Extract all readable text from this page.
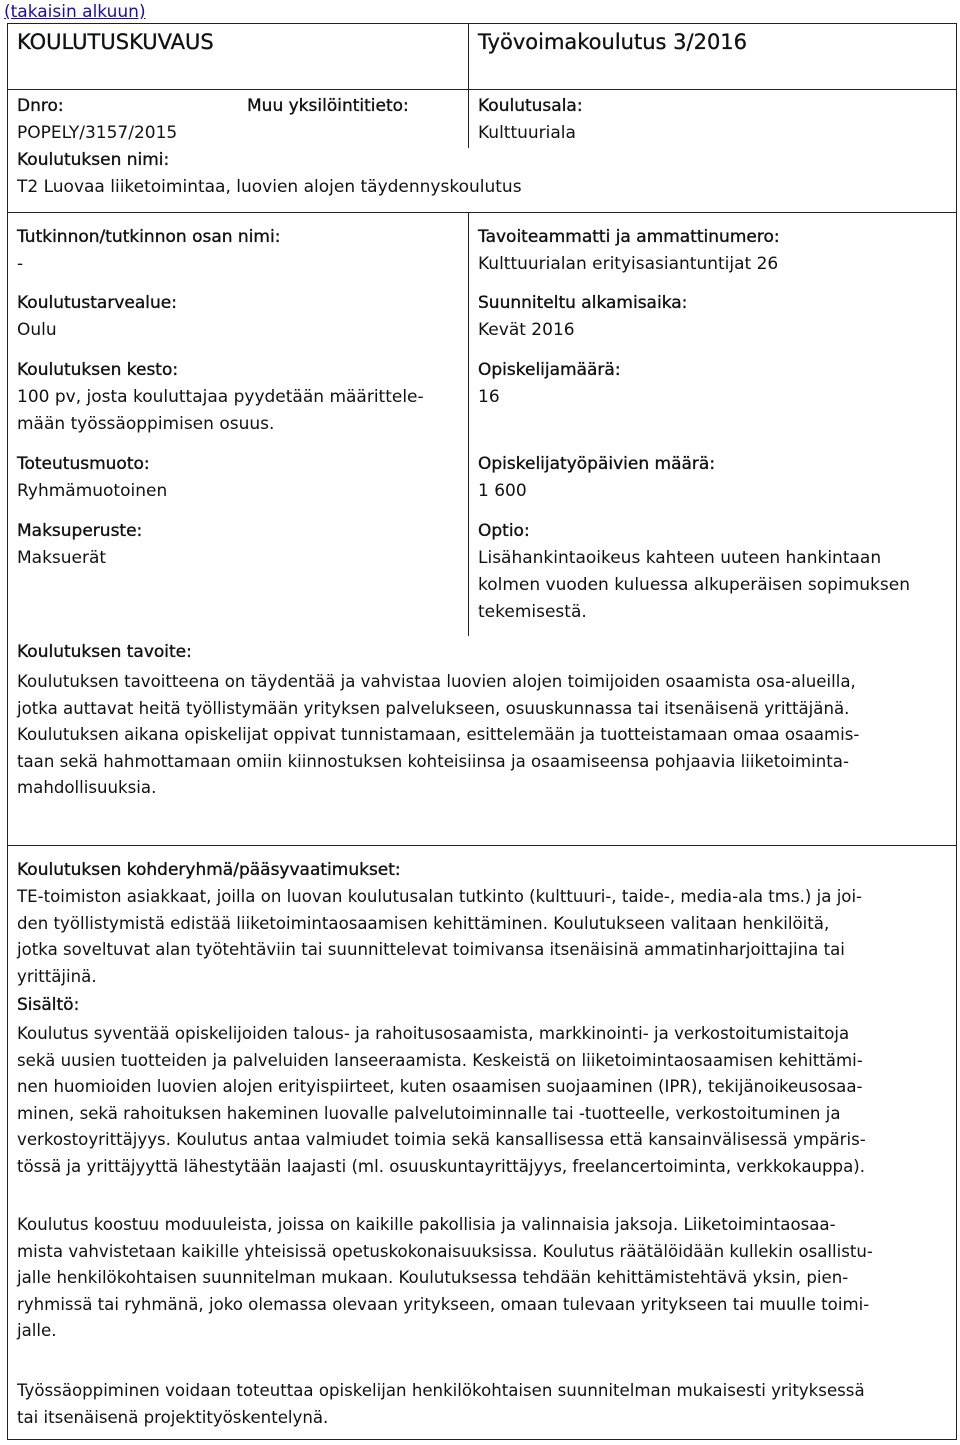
(takaisin alkuun)
KOULUTUSKUVAUS	Työvoimakoulutus 3/2016
Dnro:
POPELY/3157/2015
Muu yksilöintitieto:	Koulutusala:
Kulttuuriala
Koulutuksen nimi:
T2 Luovaa liiketoimintaa, luovien alojen täydennyskoulutus
Tutkinnon/tutkinnon osan nimi:
-
Koulutustarvealue:
Oulu
Koulutuksen kesto:
100 pv, josta kouluttajaa pyydetään määrittele-
mään työssäoppimisen osuus.
Toteutusmuoto:
Ryhmämuotoinen
Maksuperuste:
Maksuerät
Tavoiteammatti ja ammattinumero:
Kulttuurialan erityisasiantuntijat 26
Suunniteltu alkamisaika:
Kevät 2016
Opiskelijamäärä:
16
Opiskelijatyöpäivien määrä:
1 600
Optio:
Lisähankintaoikeus kahteen uuteen hankintaan
kolmen vuoden kuluessa alkuperäisen sopimuksen
tekemisestä.
Koulutuksen tavoite:
Koulutuksen tavoitteena on täydentää ja vahvistaa luovien alojen toimijoiden osaamista osa-alueilla,
jotka auttavat heitä työllistymään yrityksen palvelukseen, osuuskunnassa tai itsenäisenä yrittäjänä.
Koulutuksen aikana opiskelijat oppivat tunnistamaan, esittelemään ja tuotteistamaan omaa osaamis-
taan sekä hahmottamaan omiin kiinnostuksen kohteisiinsa ja osaamiseensa pohjaavia liiketoiminta-
mahdollisuuksia.
Koulutuksen kohderyhmä/pääsyvaatimukset:
TE-toimiston asiakkaat, joilla on luovan koulutusalan tutkinto (kulttuuri-, taide-, media-ala tms.) ja joi-
den työllistymistä edistää liiketoimintaosaamisen kehittäminen. Koulutukseen valitaan henkilöitä,
jotka soveltuvat alan työtehtäviin tai suunnittelevat toimivansa itsenäisinä ammatinharjoittajina tai
yrittäjinä.
Sisältö:
Koulutus syventää opiskelijoiden talous- ja rahoitusosaamista, markkinointi- ja verkostoitumistaitoja
sekä uusien tuotteiden ja palveluiden lanseeraamista. Keskeistä on liiketoimintaosaamisen kehittämi-
nen huomioiden luovien alojen erityispiirteet, kuten osaamisen suojaaminen (IPR), tekijänoikeusosaa-
minen, sekä rahoituksen hakeminen luovalle palvelutoiminnalle tai -tuotteelle, verkostoituminen ja
verkostoyrittäjyys. Koulutus antaa valmiudet toimia sekä kansallisessa että kansainvälisessä ympäris-
tössä ja yrittäjyyttä lähestytään laajasti (ml. osuuskuntayrittäjyys, freelancertoiminta, verkkokauppa).
Koulutus koostuu moduuleista, joissa on kaikille pakollisia ja valinnaisia jaksoja. Liiketoimintaosaa-
mista vahvistetaan kaikille yhteisissä opetuskokonaisuuksissa. Koulutus räätälöidään kullekin osallistu-
jalle henkilökohtaisen suunnitelman mukaan. Koulutuksessa tehdään kehittämistehtävä yksin, pien-
ryhmissä tai ryhmänä, joko olemassa olevaan yritykseen, omaan tulevaan yritykseen tai muulle toimi-
jalle.
Työssäoppiminen voidaan toteuttaa opiskelijan henkilökohtaisen suunnitelman mukaisesti yrityksessä
tai itsenäisenä projektityöskentelynä.
